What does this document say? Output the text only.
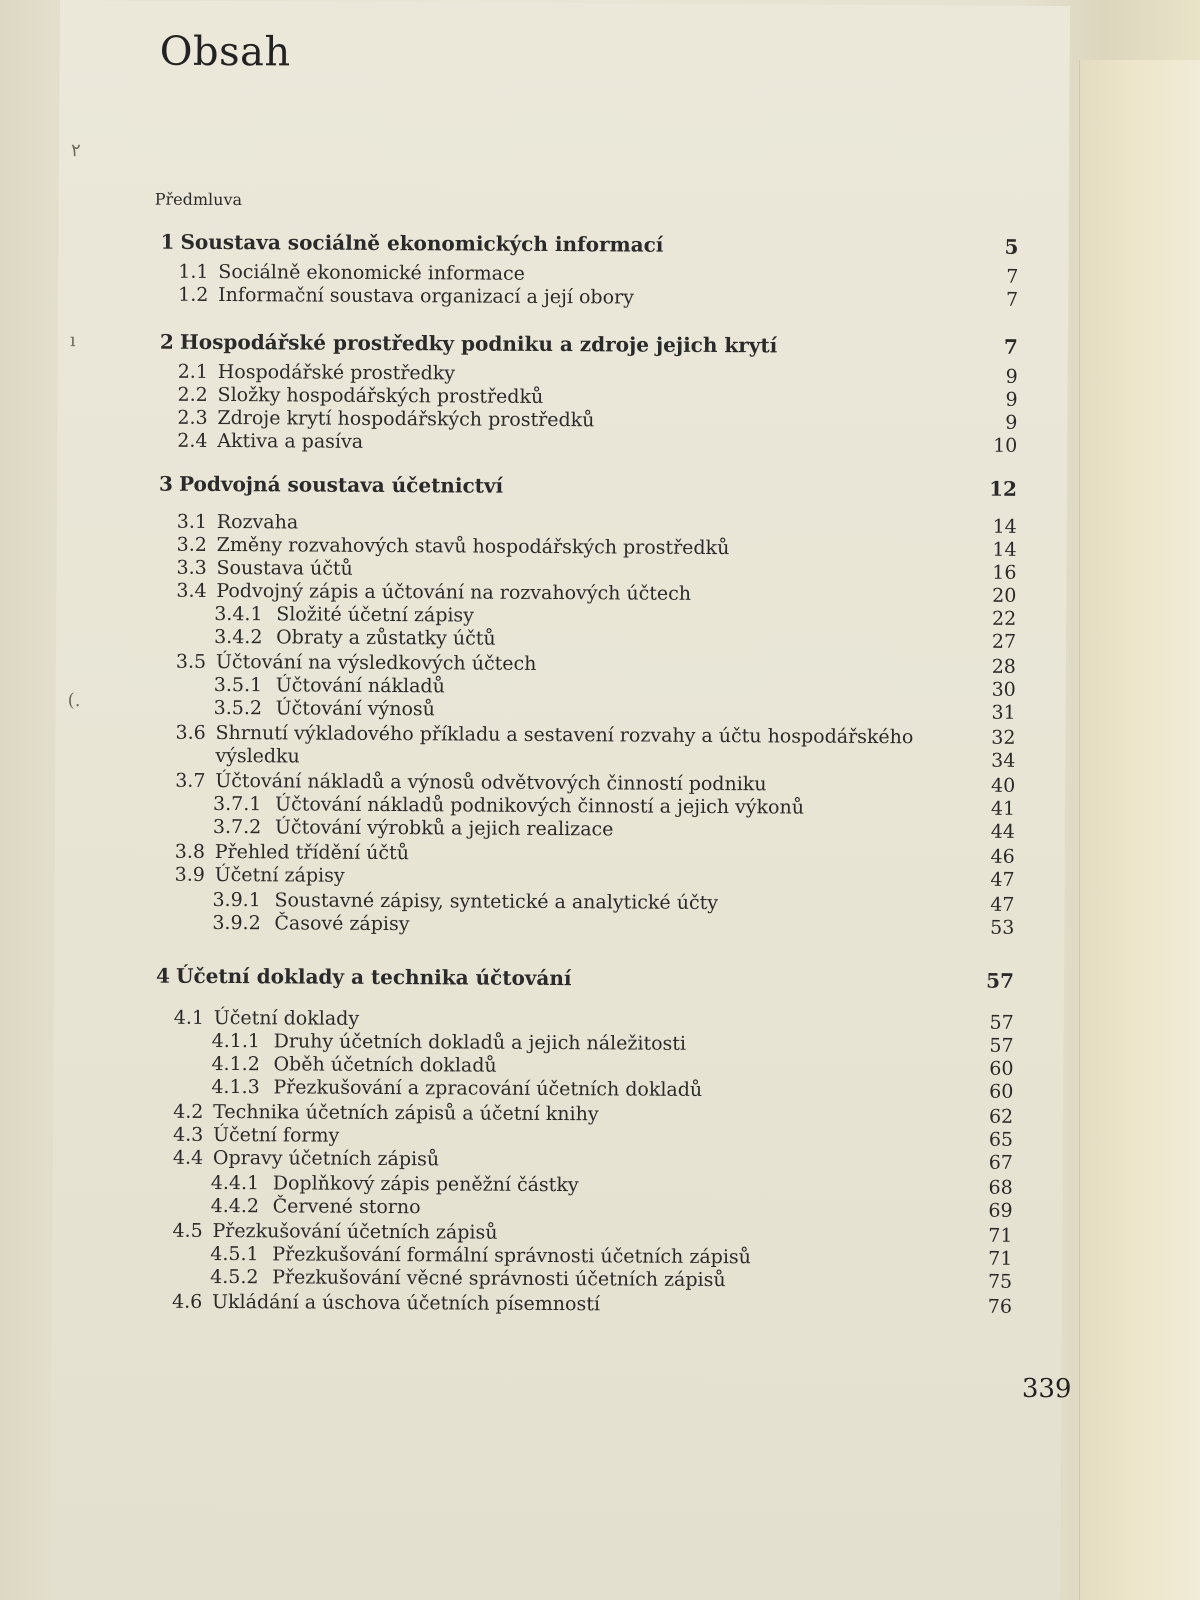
٢
ı
(.
Obsah
Předmluva
1 Soustava sociálně ekonomických informací	5
1.1 Sociálně ekonomické informace	7
1.2 Informační soustava organizací a její obory	7
2 Hospodářské prostředky podniku a zdroje jejich krytí	7
2.1 Hospodářské prostředky	9
2.2 Složky hospodářských prostředků	9
2.3 Zdroje krytí hospodářských prostředků	9
2.4 Aktiva a pasíva	10
3 Podvojná soustava účetnictví	12
3.1 Rozvaha	14
3.2 Změny rozvahových stavů hospodářských prostředků	14
3.3 Soustava účtů	16
3.4 Podvojný zápis a účtování na rozvahových účtech	20
3.4.1 Složité účetní zápisy	22
3.4.2 Obraty a zůstatky účtů	27
3.5 Účtování na výsledkových účtech	28
3.5.1 Účtování nákladů	30
3.5.2 Účtování výnosů	31
3.6 Shrnutí výkladového příkladu a sestavení rozvahy a účtu hospodářského	32
výsledku	34
3.7 Účtování nákladů a výnosů odvětvových činností podniku	40
3.7.1 Účtování nákladů podnikových činností a jejich výkonů	41
3.7.2 Účtování výrobků a jejich realizace	44
3.8 Přehled třídění účtů	46
3.9 Účetní zápisy	47
3.9.1 Soustavné zápisy, syntetické a analytické účty	47
3.9.2 Časové zápisy	53
4 Účetní doklady a technika účtování	57
4.1 Účetní doklady	57
4.1.1 Druhy účetních dokladů a jejich náležitosti	57
4.1.2 Oběh účetních dokladů	60
4.1.3 Přezkušování a zpracování účetních dokladů	60
4.2 Technika účetních zápisů a účetní knihy	62
4.3 Účetní formy	65
4.4 Opravy účetních zápisů	67
4.4.1 Doplňkový zápis peněžní částky	68
4.4.2 Červené storno	69
4.5 Přezkušování účetních zápisů	71
4.5.1 Přezkušování formální správnosti účetních zápisů	71
4.5.2 Přezkušování věcné správnosti účetních zápisů	75
4.6 Ukládání a úschova účetních písemností	76
339
